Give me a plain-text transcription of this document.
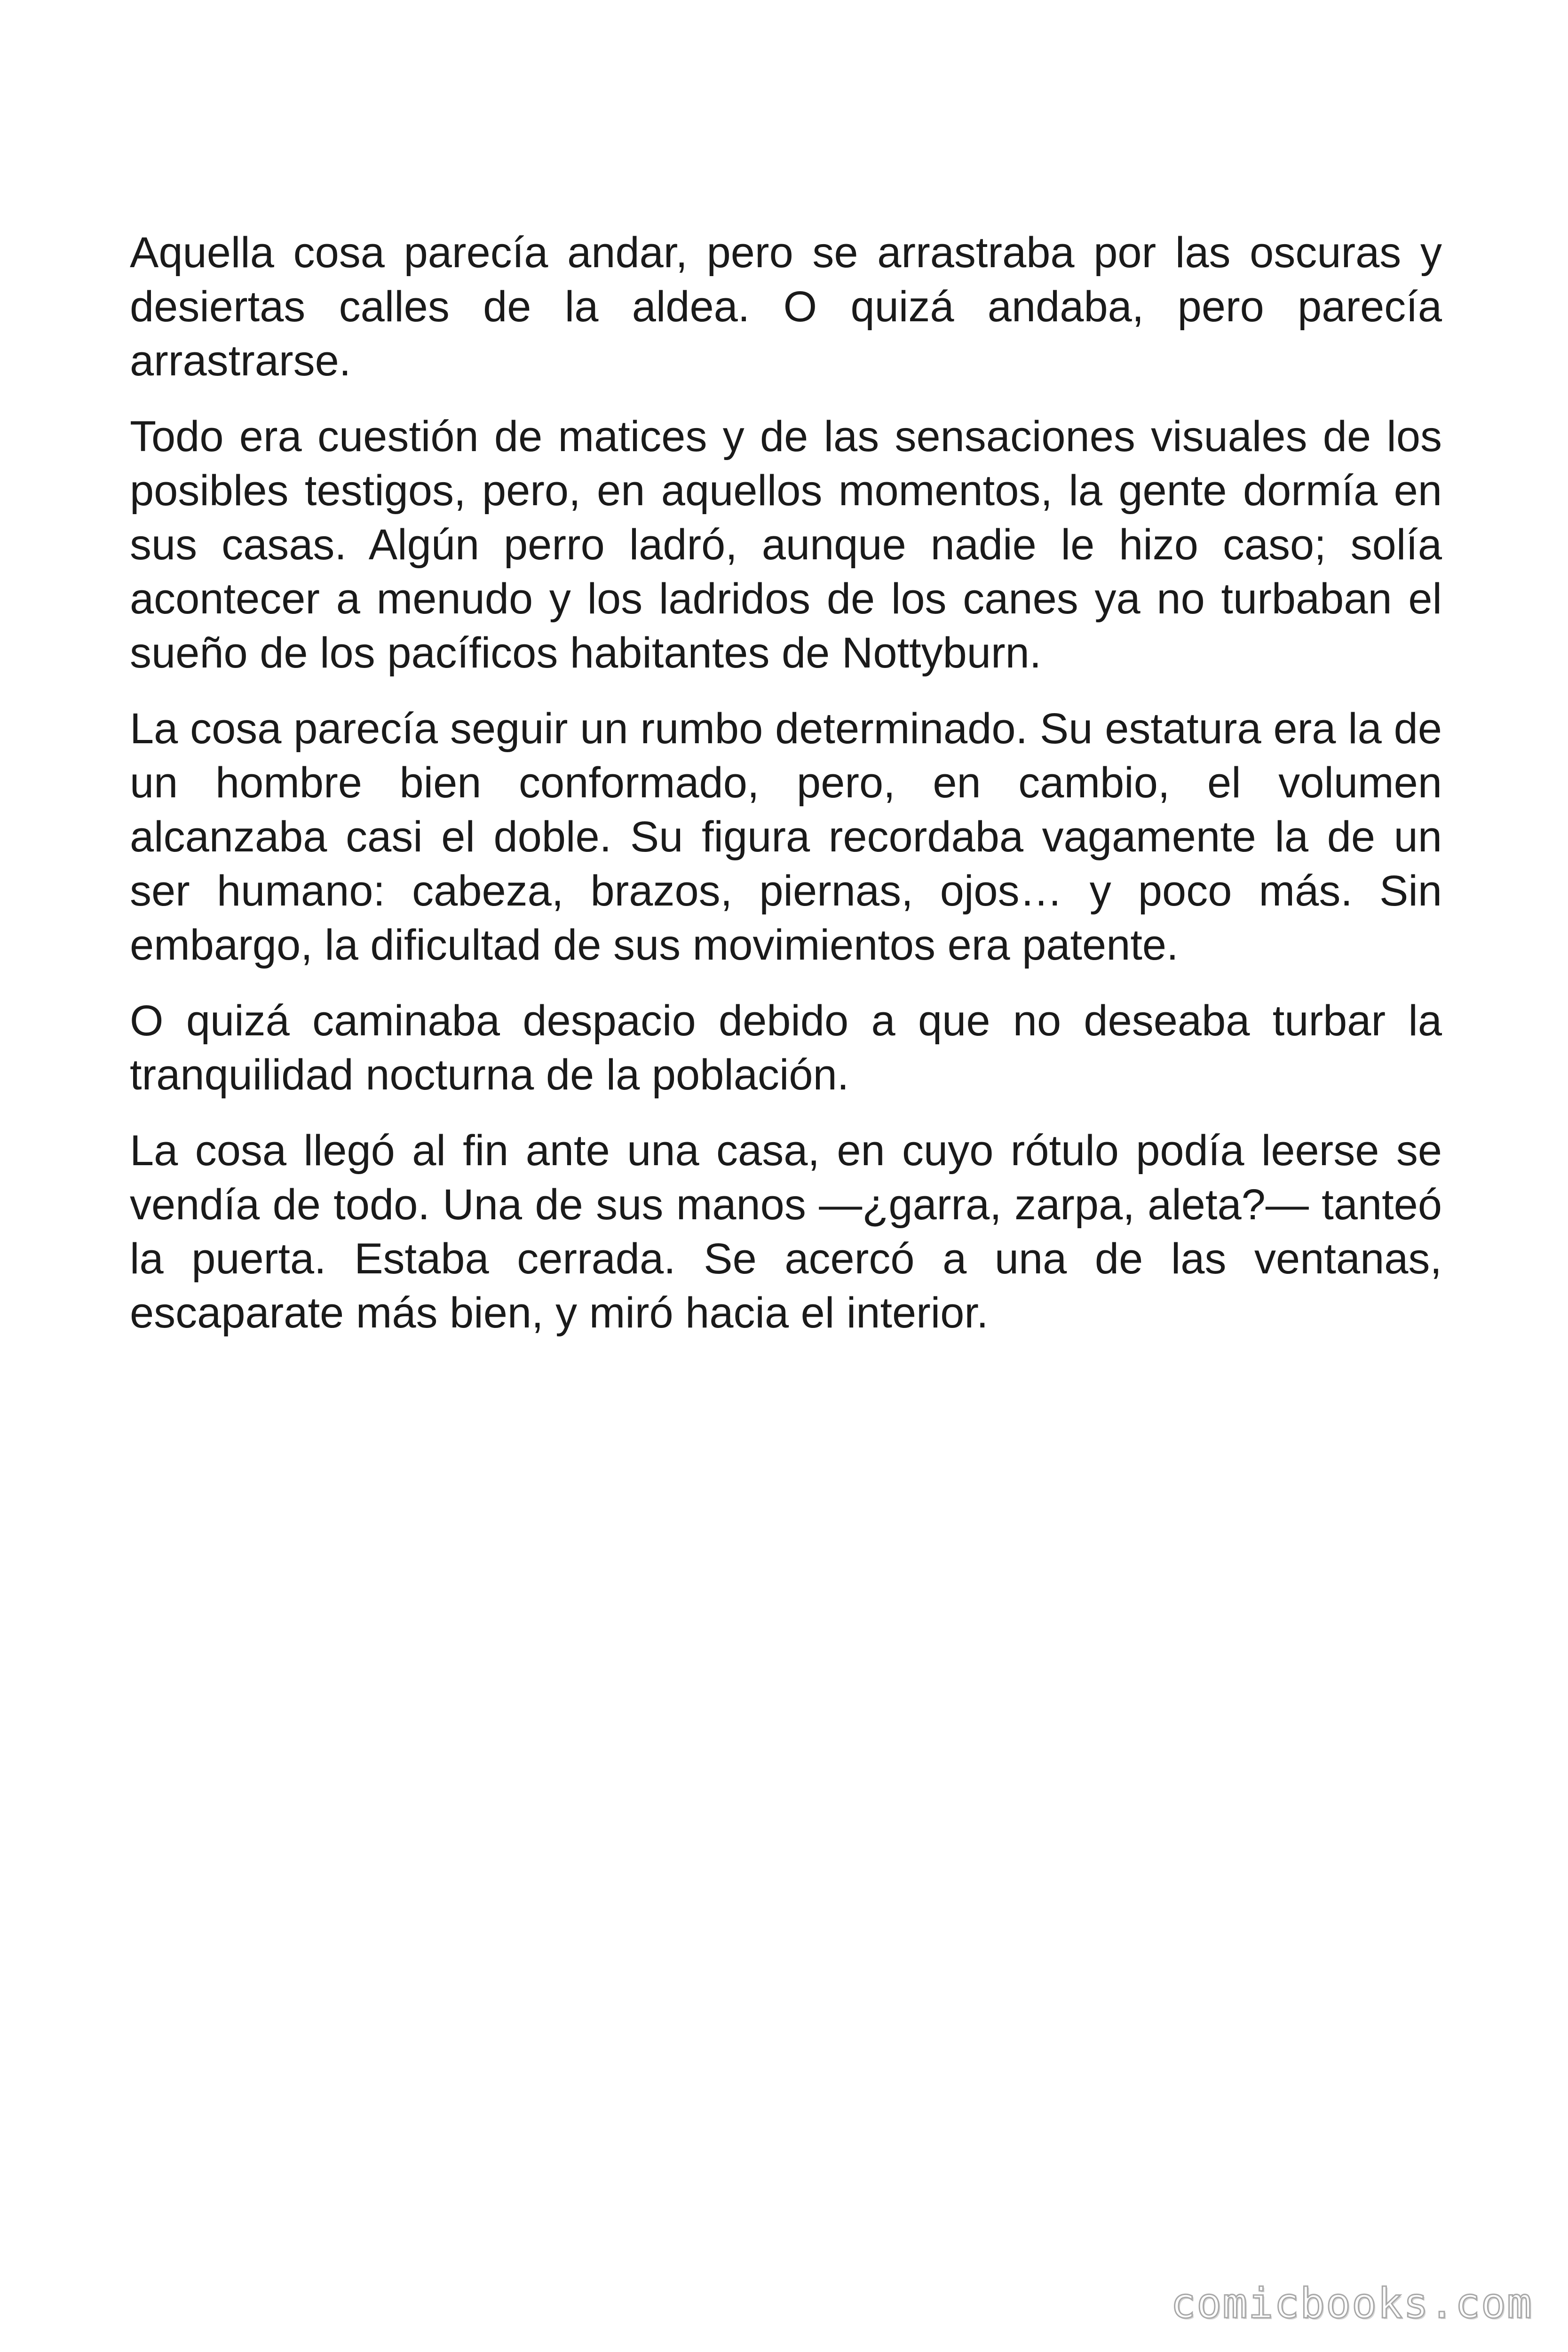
Aquella cosa parecía andar, pero se arrastraba por las oscuras y desiertas calles de la aldea. O quizá andaba, pero parecía arrastrarse.

Todo era cuestión de matices y de las sensaciones visuales de los posibles testigos, pero, en aquellos momentos, la gente dormía en sus casas. Algún perro ladró, aunque nadie le hizo caso; solía acontecer a menudo y los ladridos de los canes ya no turbaban el sueño de los pacíficos habitantes de Nottyburn.

La cosa parecía seguir un rumbo determinado. Su estatura era la de un hombre bien conformado, pero, en cambio, el volumen alcanzaba casi el doble. Su figura recordaba vagamente la de un ser humano: cabeza, brazos, piernas, ojos… y poco más. Sin embargo, la dificultad de sus movimientos era patente.

O quizá caminaba despacio debido a que no deseaba turbar la tranquilidad nocturna de la población.

La cosa llegó al fin ante una casa, en cuyo rótulo podía leerse se vendía de todo. Una de sus manos —¿garra, zarpa, aleta?— tanteó la puerta. Estaba cerrada. Se acercó a una de las ventanas, escaparate más bien, y miró hacia el interior.

comicbooks.com
